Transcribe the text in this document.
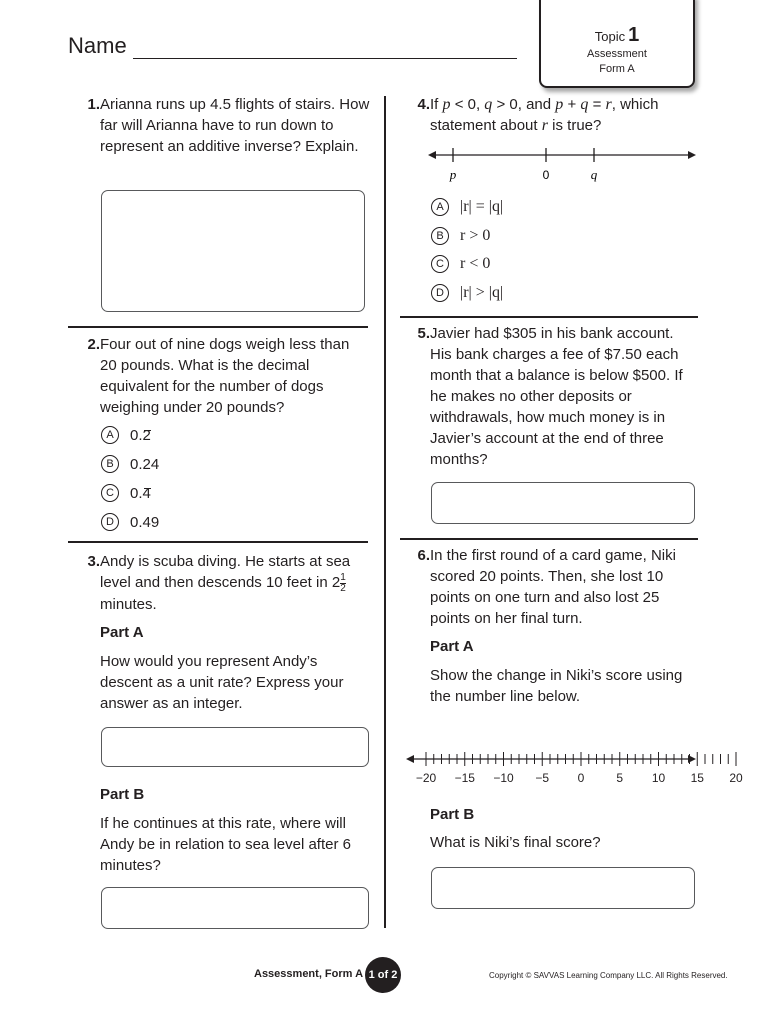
Name	Topic 1
Assessment
Form A
1. Arianna runs up 4.5 flights of stairs. How far will Arianna have to run down to represent an additive inverse? Explain.
2. Four out of nine dogs weigh less than 20 pounds. What is the decimal equivalent for the number of dogs weighing under 20 pounds?
A	0.2
B	0.24
C	0.4
D	0.49
3. Andy is scuba diving. He starts at sea level and then descends 10 feet in $2 \frac{1}{2}$
minutes.
Part A
How would you represent Andy’s descent as a unit rate? Express your answer as an integer.
Part B
If he continues at this rate, where will Andy be in relation to sea level after 6 minutes?
4. If p < 0, q > 0, and p + q = r, which
statement about r is true?
p	0	q
A	|r| = |q|
B	r > 0
C	r < 0
D	|r| > |q|
5. Javier had $305 in his bank account. His bank charges a fee of $7.50 each month that a balance is below $500. If he makes no other deposits or withdrawals, how much money is in Javier’s account at the end of three months?
6. In the first round of a card game, Niki scored 20 points. Then, she lost 10 points on one turn and also lost 25 points on her final turn.
Part A
Show the change in Niki’s score using the number line below.
−20 −15 −10 −5 0	5 10 15 20
Part B
What is Niki’s final score?
Assessment, Form A 1 of 2	Copyright © SAVVAS Learning Company LLC. All Rights Reserved.
